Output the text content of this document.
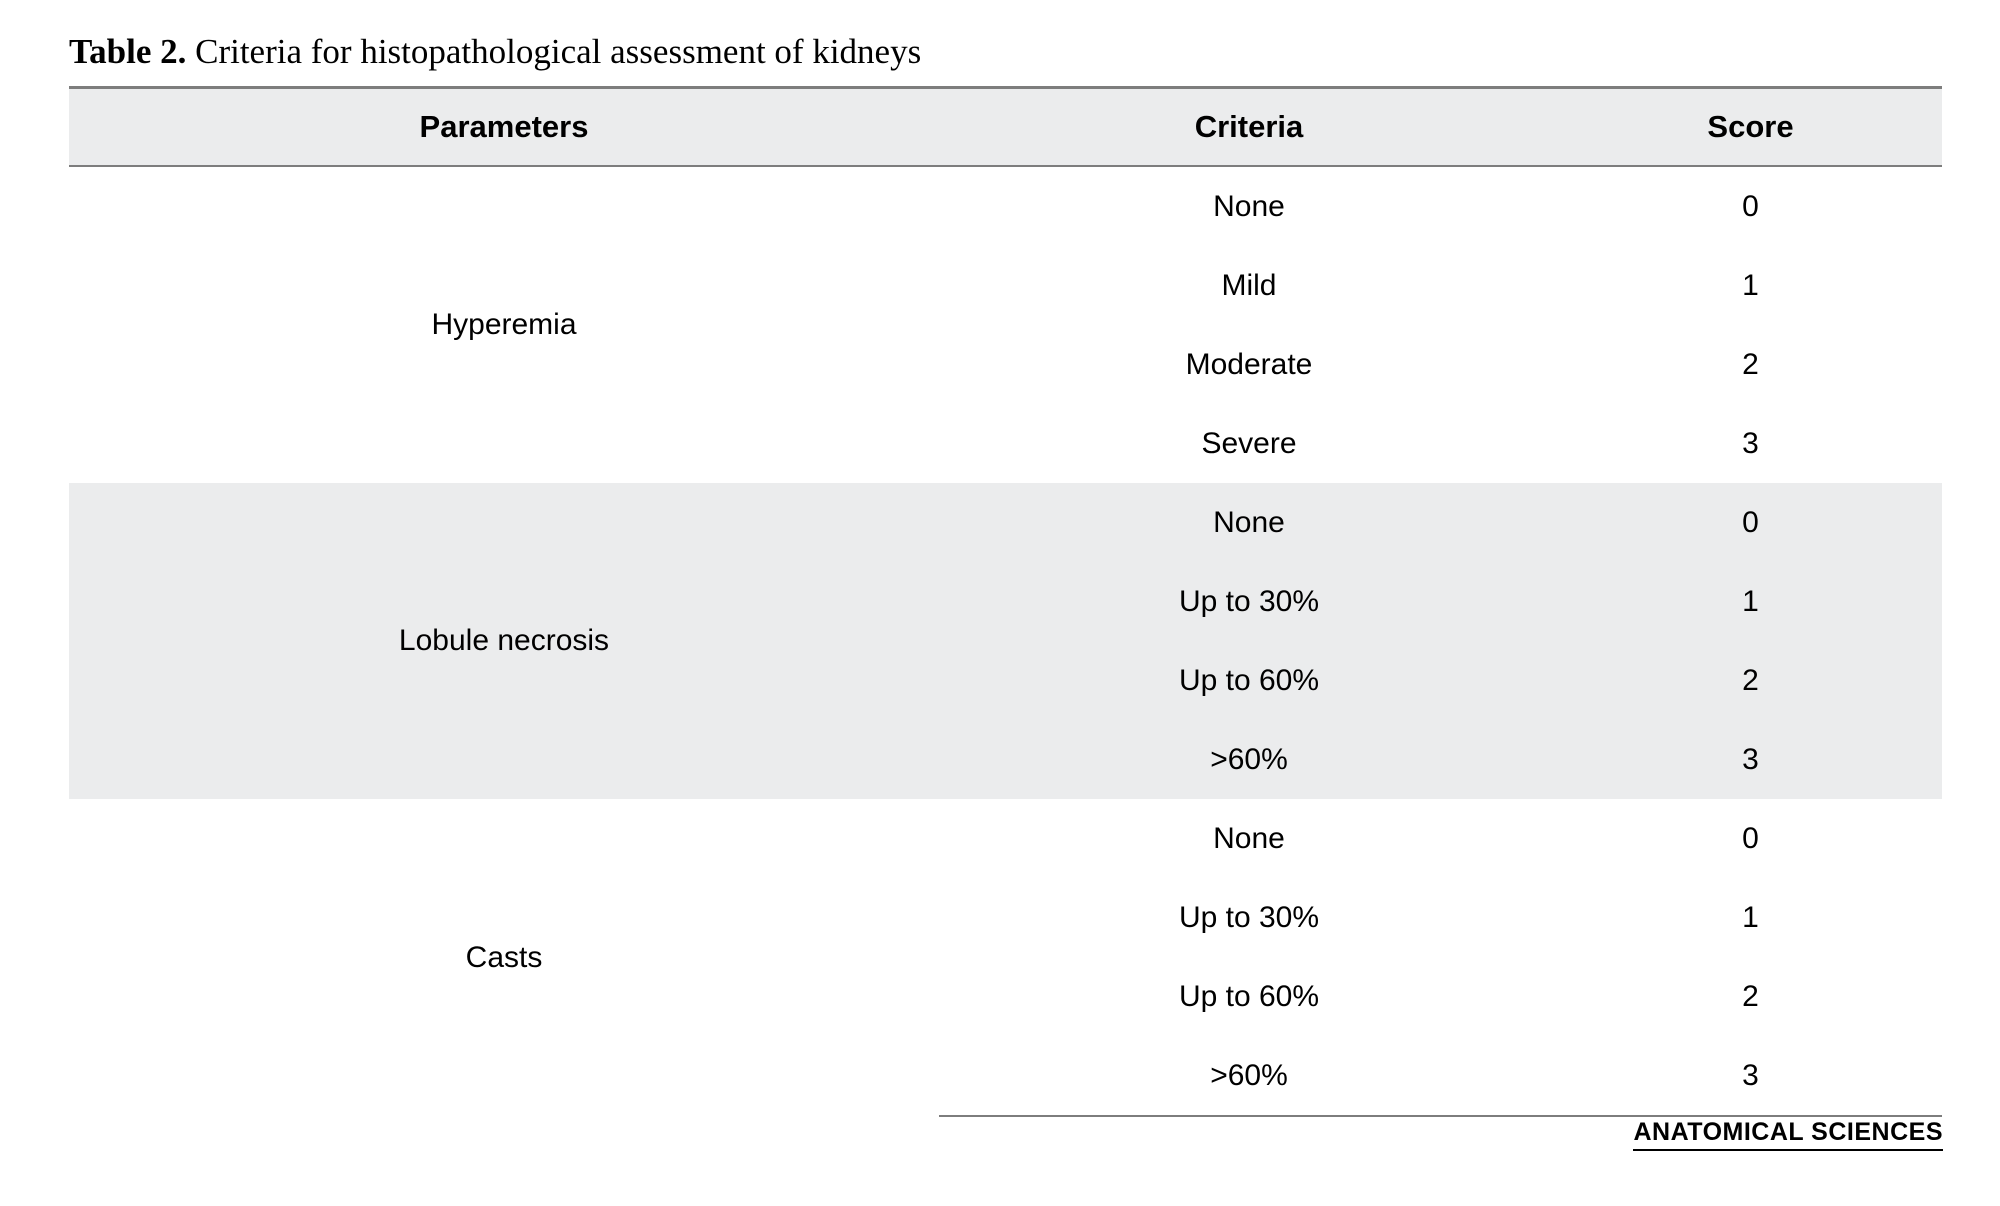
Table 2. Criteria for histopathological assessment of kidneys
Parameters	Criteria	Score
Hyperemia	None	0
	Mild	1
	Moderate	2
	Severe	3
Lobule necrosis	None	0
	Up to 30%	1
	Up to 60%	2
	>60%	3
Casts	None	0
	Up to 30%	1
	Up to 60%	2
	>60%	3
ANATOMICAL SCIENCES
